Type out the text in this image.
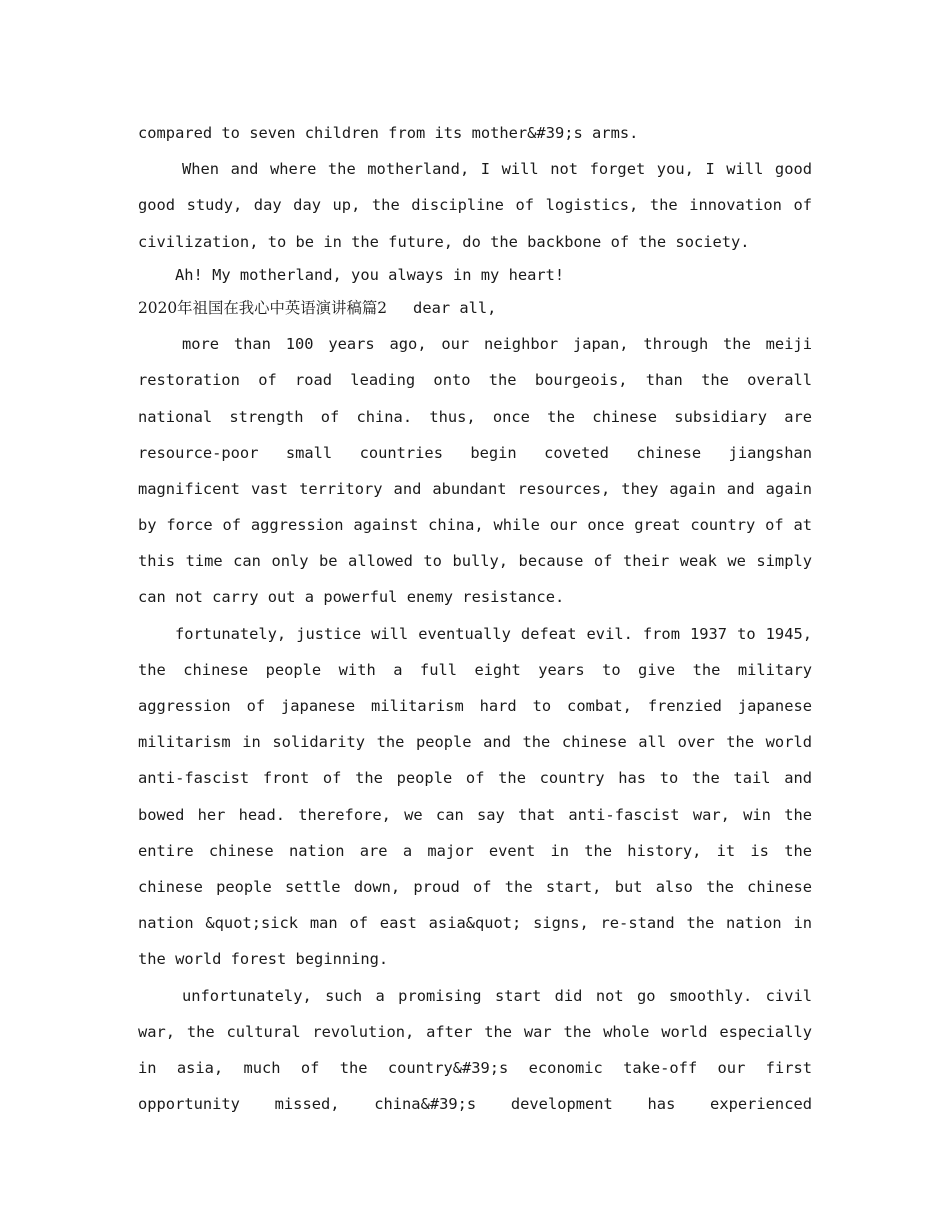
compared to seven children from its mother&#39;s arms.
When and where the motherland, I will not forget you, I will good
good study, day day up, the discipline of logistics, the innovation of
civilization, to be in the future, do the backbone of the society.
Ah! My motherland, you always in my heart!
2020年祖国在我心中英语演讲稿篇2 dear all,
more than 100 years ago, our neighbor japan, through the meiji
restoration of road leading onto the bourgeois, than the overall
national strength of china. thus, once the chinese subsidiary are
resource-poor small countries begin coveted chinese jiangshan
magnificent vast territory and abundant resources, they again and again
by force of aggression against china, while our once great country of at
this time can only be allowed to bully, because of their weak we simply
can not carry out a powerful enemy resistance.
fortunately, justice will eventually defeat evil. from 1937 to 1945,
the chinese people with a full eight years to give the military
aggression of japanese militarism hard to combat, frenzied japanese
militarism in solidarity the people and the chinese all over the world
anti-fascist front of the people of the country has to the tail and
bowed her head. therefore, we can say that anti-fascist war, win the
entire chinese nation are a major event in the history, it is the
chinese people settle down, proud of the start, but also the chinese
nation &quot;sick man of east asia&quot; signs, re-stand the nation in
the world forest beginning.
unfortunately, such a promising start did not go smoothly. civil
war, the cultural revolution, after the war the whole world especially
in asia, much of the country&#39;s economic take-off our first
opportunity missed, china&#39;s development has experienced
